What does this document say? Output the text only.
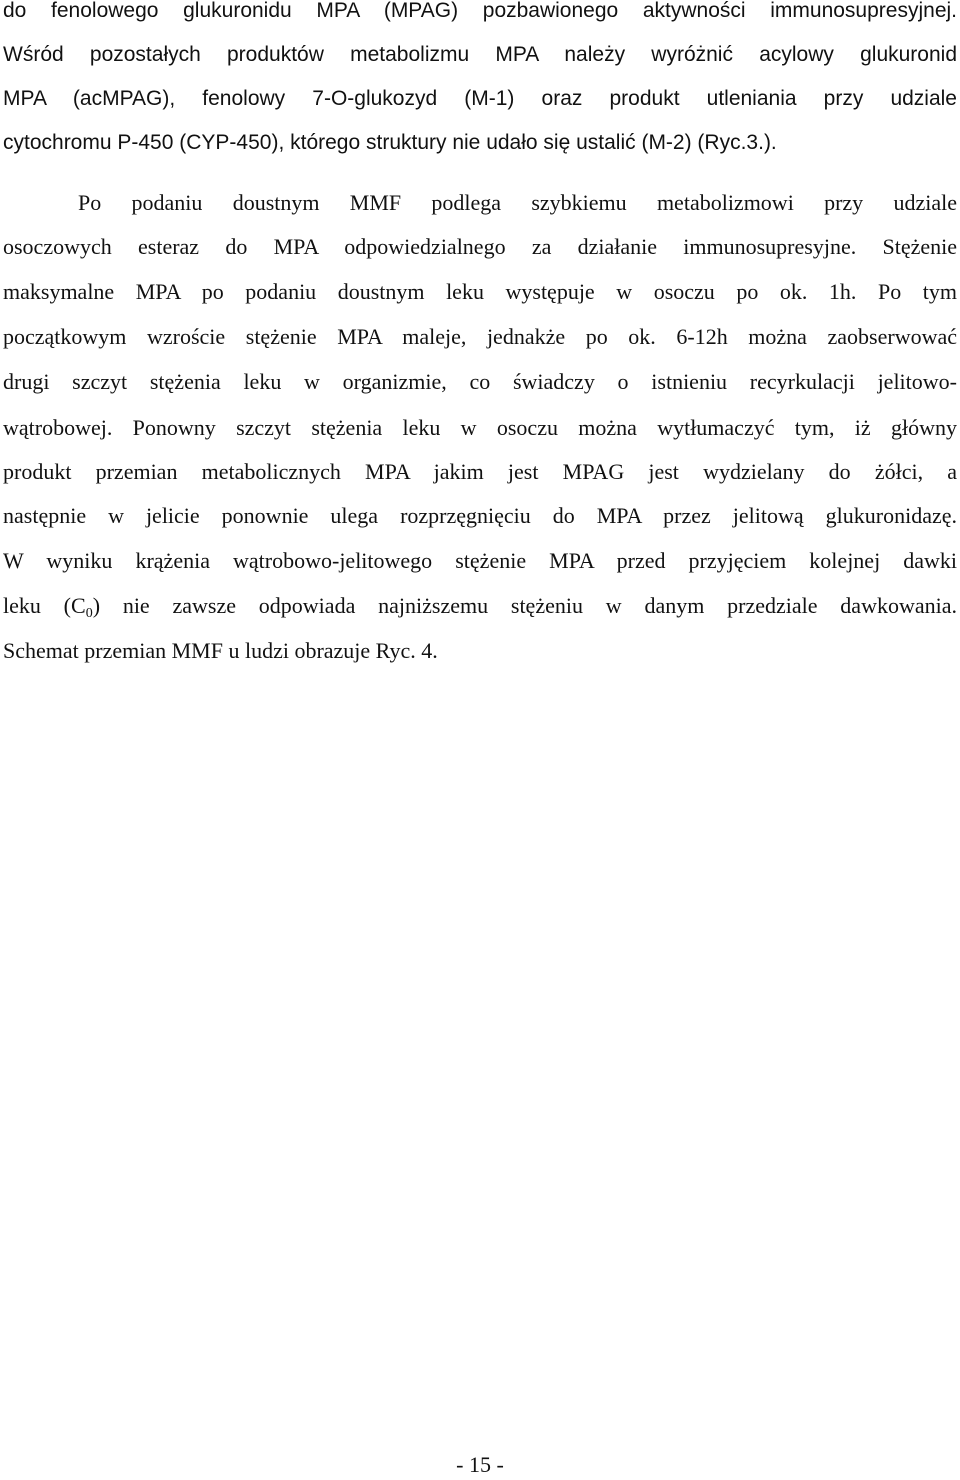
do fenolowego glukuronidu MPA (MPAG) pozbawionego aktywności immunosupresyjnej.
Wśród pozostałych produktów metabolizmu MPA należy wyróżnić acylowy glukuronid
MPA (acMPAG), fenolowy 7-O-glukozyd (M-1) oraz produkt utleniania przy udziale
cytochromu P-450 (CYP-450), którego struktury nie udało się ustalić (M-2) (Ryc.3.).
Po podaniu doustnym MMF podlega szybkiemu metabolizmowi przy udziale
osoczowych esteraz do MPA odpowiedzialnego za działanie immunosupresyjne. Stężenie
maksymalne MPA po podaniu doustnym leku występuje w osoczu po ok. 1h. Po tym
początkowym wzroście stężenie MPA maleje, jednakże po ok. 6-12h można zaobserwować
drugi szczyt stężenia leku w organizmie, co świadczy o istnieniu recyrkulacji jelitowo-
wątrobowej. Ponowny szczyt stężenia leku w osoczu można wytłumaczyć tym, iż główny
produkt przemian metabolicznych MPA jakim jest MPAG jest wydzielany do żółci, a
następnie w jelicie ponownie ulega rozprzęgnięciu do MPA przez jelitową glukuronidazę.
W wyniku krążenia wątrobowo-jelitowego stężenie MPA przed przyjęciem kolejnej dawki
leku $(C_0)$ nie zawsze odpowiada najniższemu stężeniu w danym przedziale dawkowania.
Schemat przemian MMF u ludzi obrazuje Ryc. 4.
- 15 -
